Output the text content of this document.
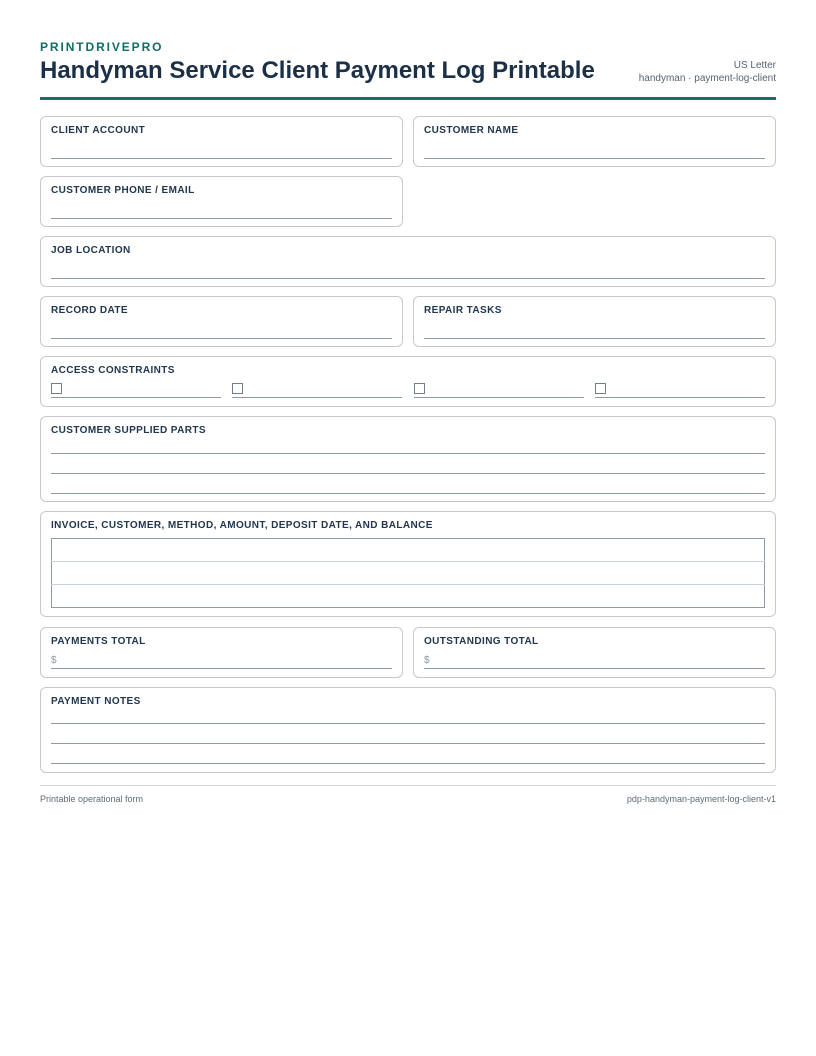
PRINTDRIVEPRO
Handyman Service Client Payment Log Printable	US Letter
handyman · payment-log-client
CLIENT ACCOUNT	CUSTOMER NAME
CUSTOMER PHONE / EMAIL
JOB LOCATION
RECORD DATE	REPAIR TASKS
ACCESS CONSTRAINTS
CUSTOMER SUPPLIED PARTS
INVOICE, CUSTOMER, METHOD, AMOUNT, DEPOSIT DATE, AND BALANCE

PAYMENTS TOTAL
$
OUTSTANDING TOTAL
$
PAYMENT NOTES
Printable operational form	pdp-handyman-payment-log-client-v1
